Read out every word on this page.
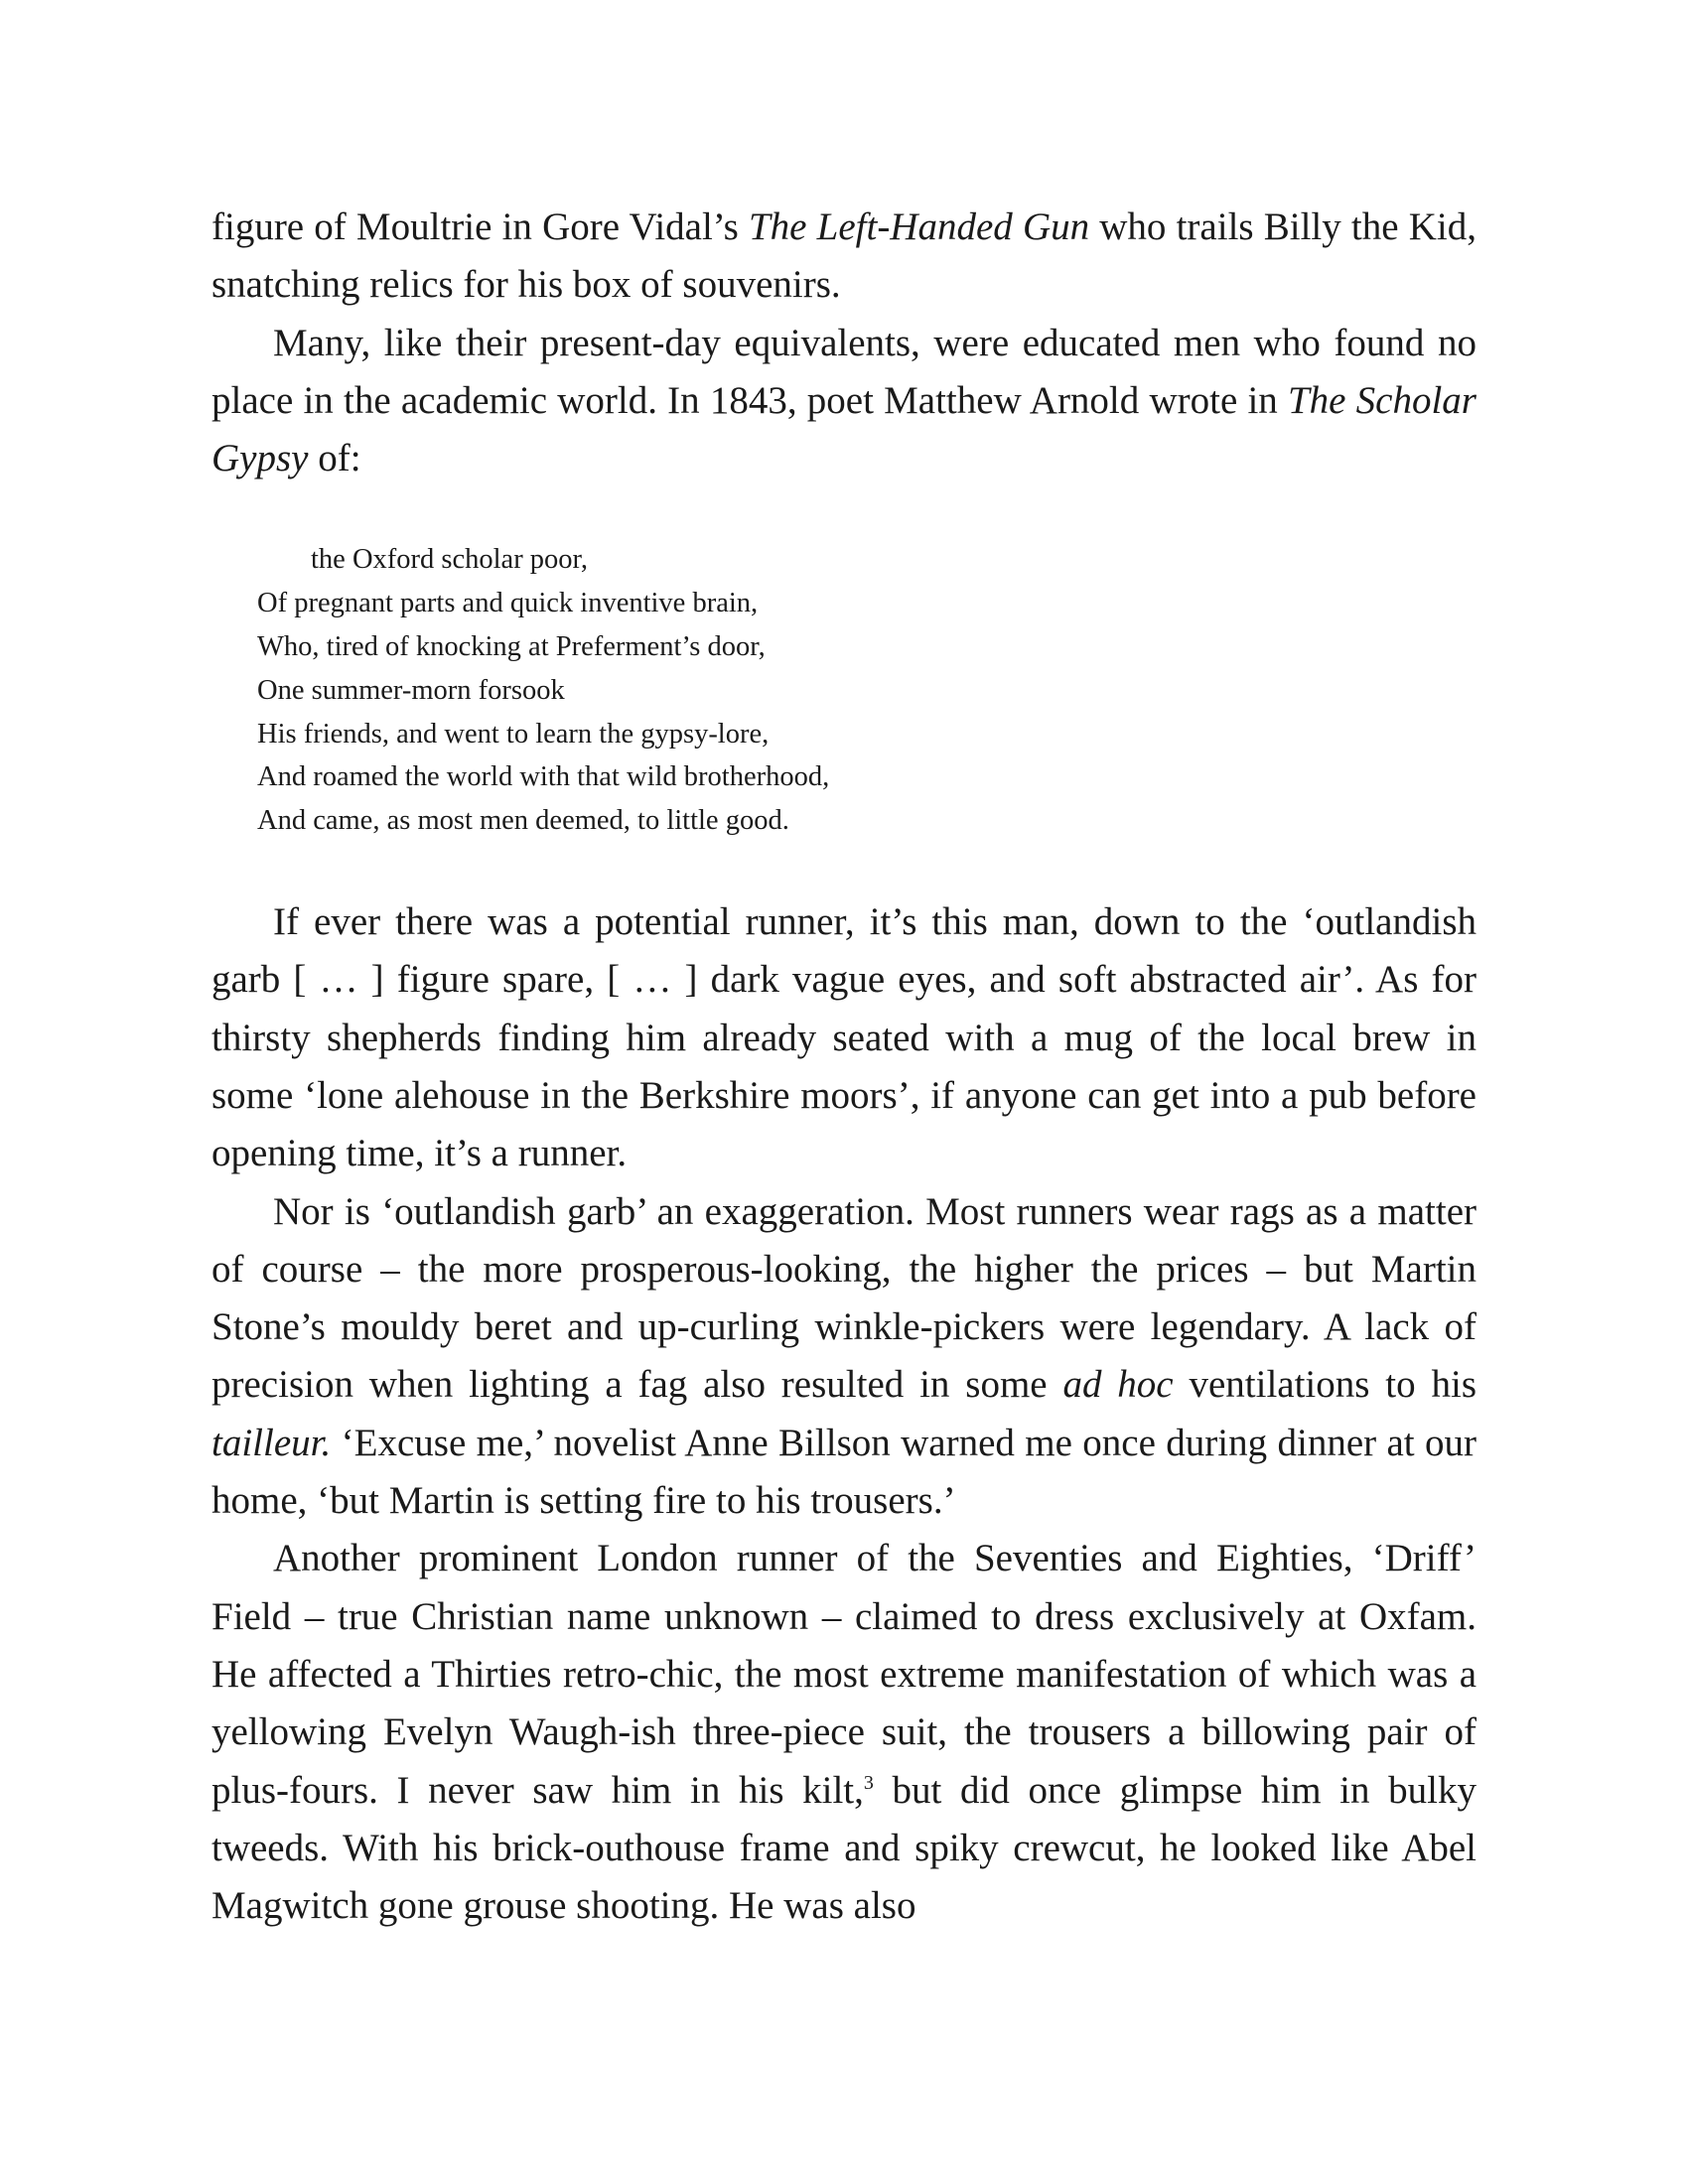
figure of Moultrie in Gore Vidal’s The Left-Handed Gun who trails Billy the Kid, snatching relics for his box of souvenirs.

Many, like their present-day equivalents, were educated men who found no place in the academic world. In 1843, poet Matthew Arnold wrote in The Scholar Gypsy of:

the Oxford scholar poor,
Of pregnant parts and quick inventive brain,
Who, tired of knocking at Preferment’s door,
One summer-morn forsook
His friends, and went to learn the gypsy-lore,
And roamed the world with that wild brotherhood,
And came, as most men deemed, to little good.

If ever there was a potential runner, it’s this man, down to the ‘outlandish garb [ … ] figure spare, [ … ] dark vague eyes, and soft abstracted air’. As for thirsty shepherds finding him already seated with a mug of the local brew in some ‘lone alehouse in the Berkshire moors’, if anyone can get into a pub before opening time, it’s a runner.

Nor is ‘outlandish garb’ an exaggeration. Most runners wear rags as a matter of course – the more prosperous-looking, the higher the prices – but Martin Stone’s mouldy beret and up-curling winkle-pickers were legendary. A lack of precision when lighting a fag also resulted in some ad hoc ventilations to his tailleur. ‘Excuse me,’ novelist Anne Billson warned me once during dinner at our home, ‘but Martin is setting fire to his trousers.’

Another prominent London runner of the Seventies and Eighties, ‘Driff’ Field – true Christian name unknown – claimed to dress exclusively at Oxfam. He affected a Thirties retro-chic, the most extreme manifestation of which was a yellowing Evelyn Waugh-ish three-piece suit, the trousers a billowing pair of plus-fours. I never saw him in his kilt,$^3$ but did once glimpse him in bulky tweeds. With his brick-outhouse frame and spiky crewcut, he looked like Abel Magwitch gone grouse shooting. He was also
